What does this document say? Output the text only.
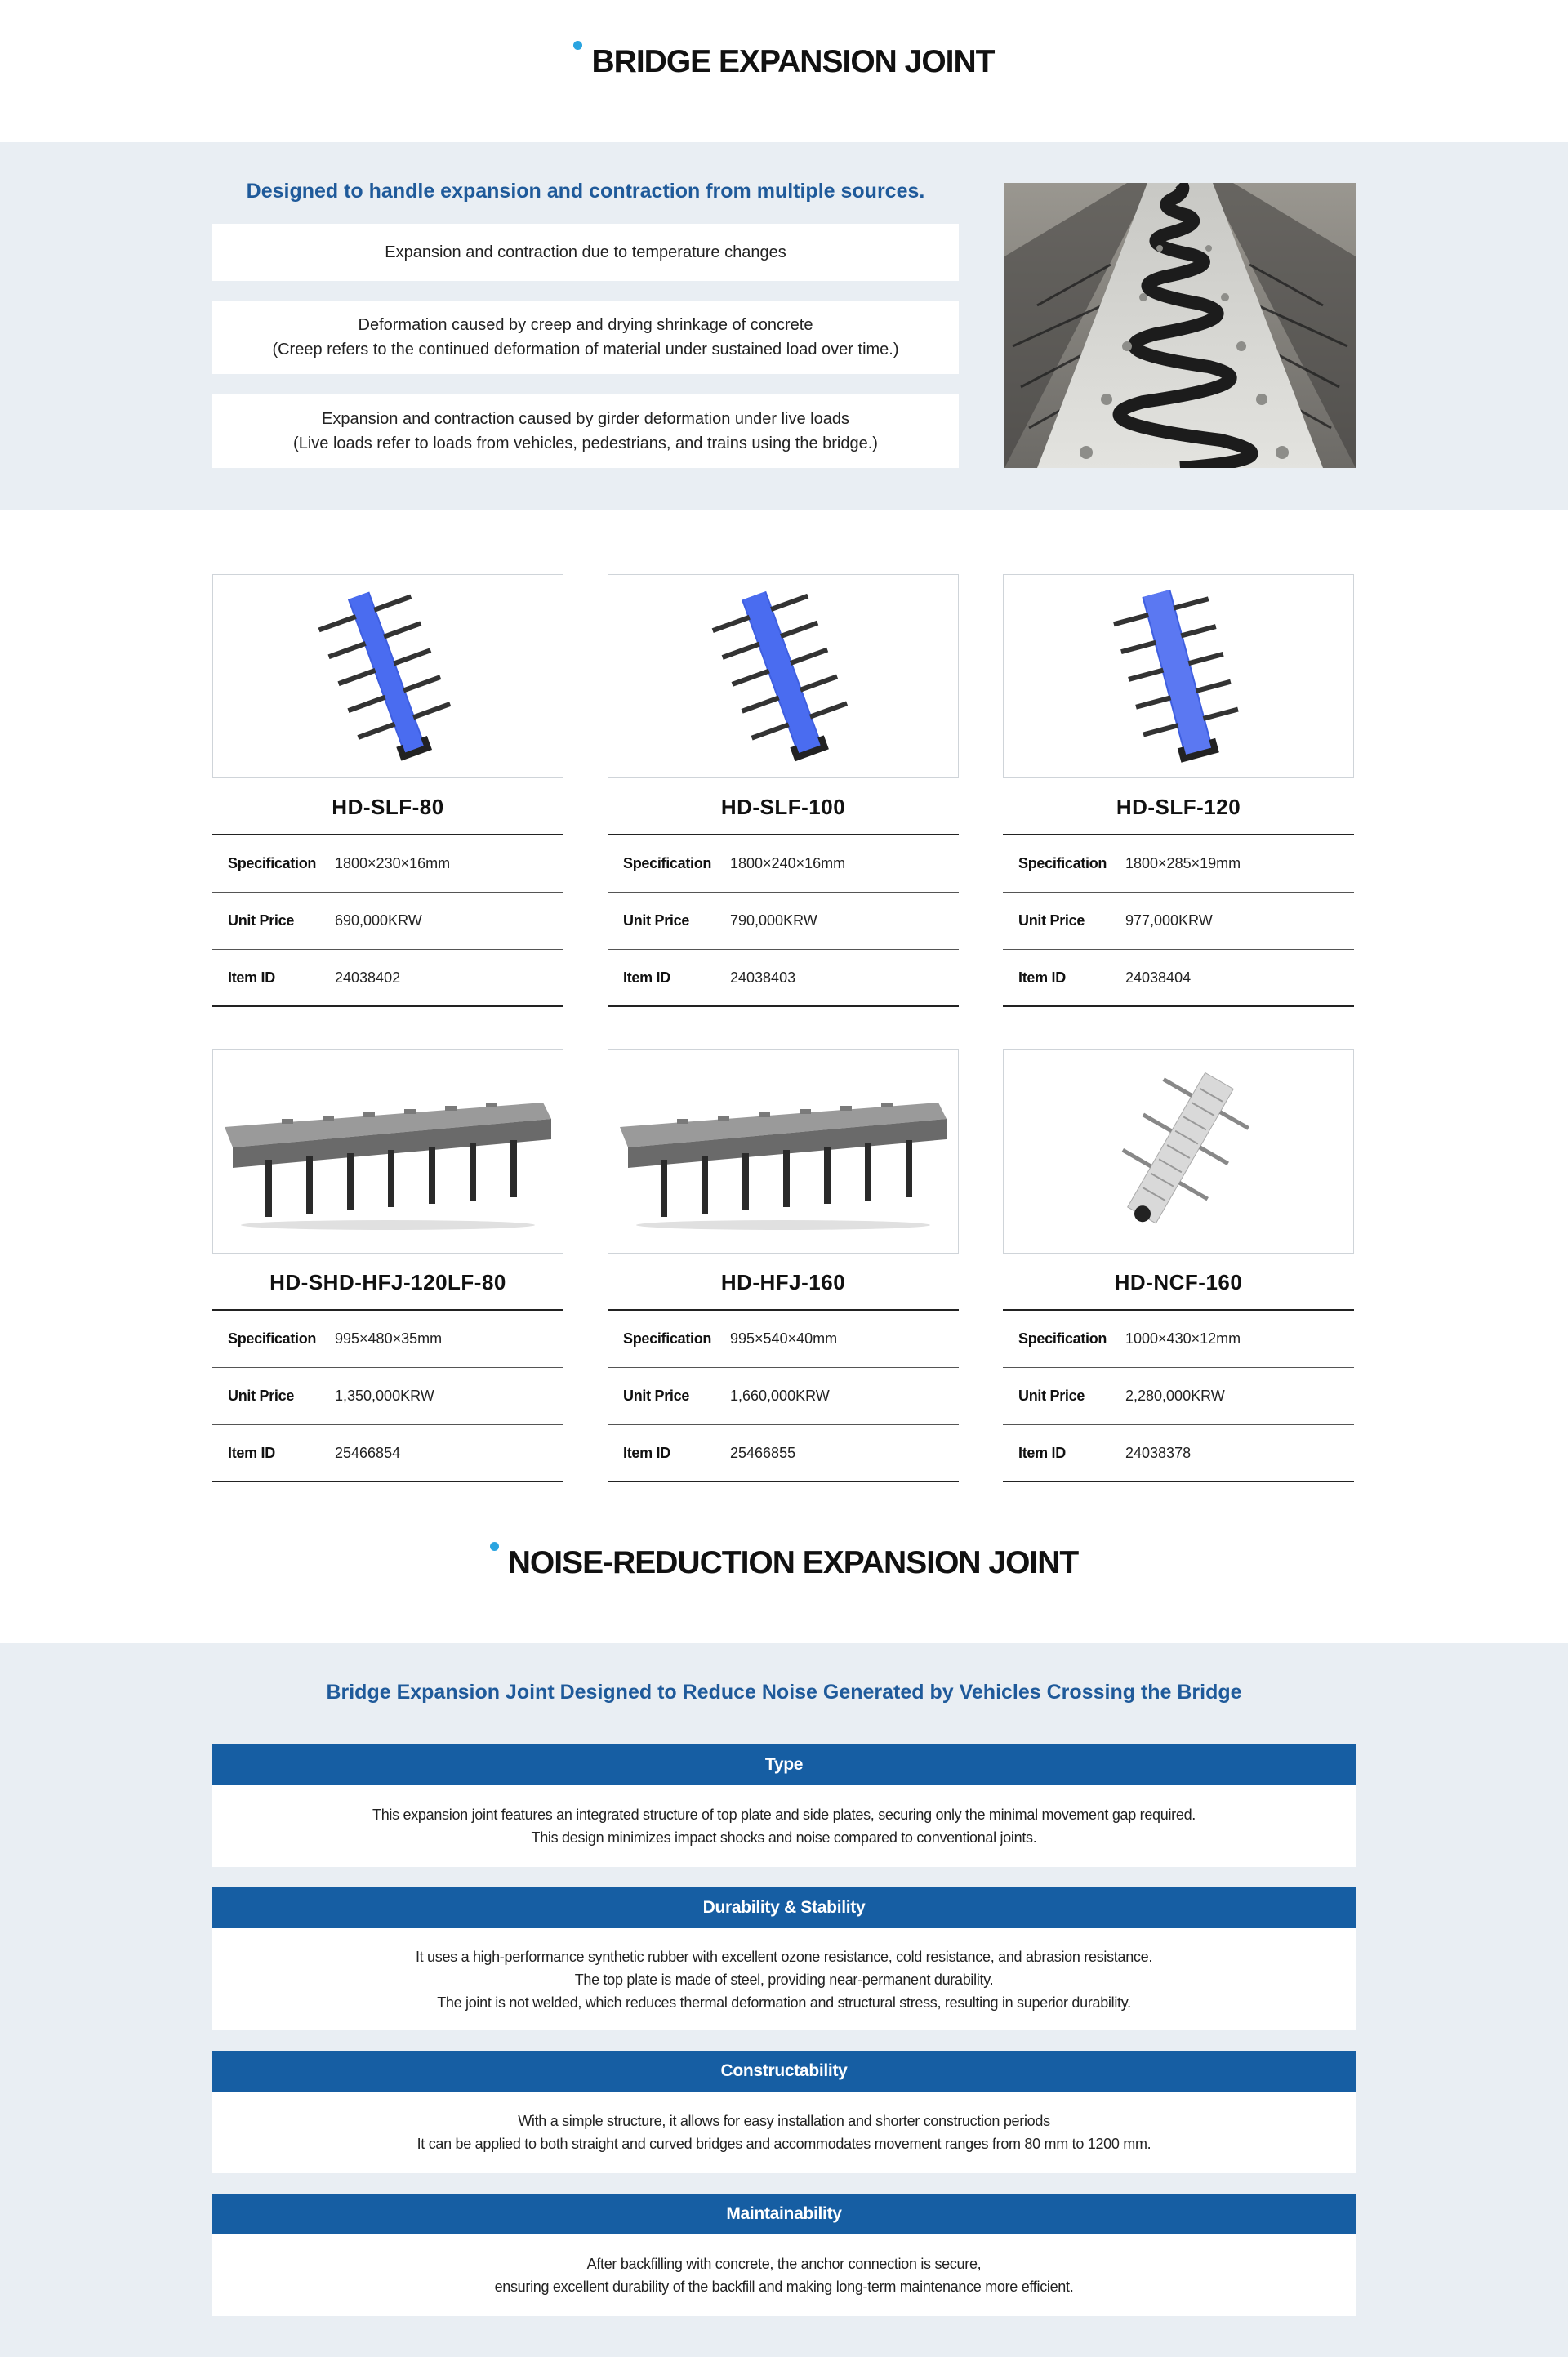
BRIDGE EXPANSION JOINT
Designed to handle expansion and contraction from multiple sources.
Expansion and contraction due to temperature changes
Deformation caused by creep and drying shrinkage of concrete
(Creep refers to the continued deformation of material under sustained load over time.)
Expansion and contraction caused by girder deformation under live loads
(Live loads refer to loads from vehicles, pedestrians, and trains using the bridge.)
HD-SLF-80
Specification	1800×230×16mm
Unit Price	690,000KRW
Item ID	24038402
HD-SLF-100
Specification	1800×240×16mm
Unit Price	790,000KRW
Item ID	24038403
HD-SLF-120
Specification	1800×285×19mm
Unit Price	977,000KRW
Item ID	24038404
HD-SHD-HFJ-120LF-80
Specification	995×480×35mm
Unit Price	1,350,000KRW
Item ID	25466854
HD-HFJ-160
Specification	995×540×40mm
Unit Price	1,660,000KRW
Item ID	25466855
HD-NCF-160
Specification	1000×430×12mm
Unit Price	2,280,000KRW
Item ID	24038378
NOISE-REDUCTION EXPANSION JOINT
Bridge Expansion Joint Designed to Reduce Noise Generated by Vehicles Crossing the Bridge
Type
This expansion joint features an integrated structure of top plate and side plates, securing only the minimal movement gap required.
This design minimizes impact shocks and noise compared to conventional joints.
Durability & Stability
It uses a high-performance synthetic rubber with excellent ozone resistance, cold resistance, and abrasion resistance.
The top plate is made of steel, providing near-permanent durability.
The joint is not welded, which reduces thermal deformation and structural stress, resulting in superior durability.
Constructability
With a simple structure, it allows for easy installation and shorter construction periods
It can be applied to both straight and curved bridges and accommodates movement ranges from 80 mm to 1200 mm.
Maintainability
After backfilling with concrete, the anchor connection is secure,
ensuring excellent durability of the backfill and making long-term maintenance more efficient.
